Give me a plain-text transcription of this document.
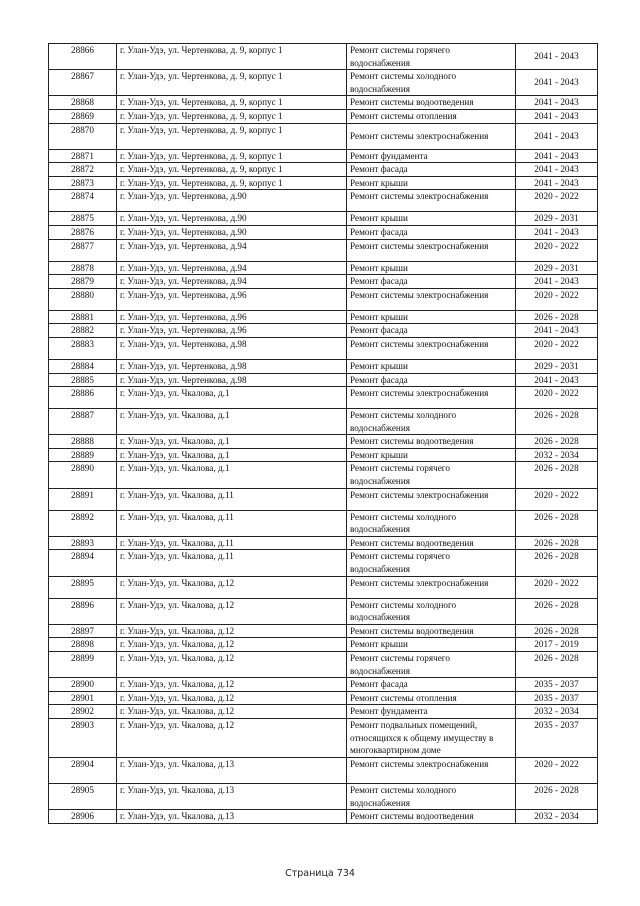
28866	г. Улан-Удэ, ул. Чертенкова, д. 9, корпус 1	Ремонт системы горячего водоснабжения	2041 - 2043
28867	г. Улан-Удэ, ул. Чертенкова, д. 9, корпус 1	Ремонт системы холодного водоснабжения	2041 - 2043
28868	г. Улан-Удэ, ул. Чертенкова, д. 9, корпус 1	Ремонт системы водоотведения	2041 - 2043
28869	г. Улан-Удэ, ул. Чертенкова, д. 9, корпус 1	Ремонт системы отопления	2041 - 2043
28870	г. Улан-Удэ, ул. Чертенкова, д. 9, корпус 1	Ремонт системы электроснабжения	2041 - 2043
28871	г. Улан-Удэ, ул. Чертенкова, д. 9, корпус 1	Ремонт фундамента	2041 - 2043
28872	г. Улан-Удэ, ул. Чертенкова, д. 9, корпус 1	Ремонт фасада	2041 - 2043
28873	г. Улан-Удэ, ул. Чертенкова, д. 9, корпус 1	Ремонт крыши	2041 - 2043
28874	г. Улан-Удэ, ул. Чертенкова, д.90	Ремонт системы электроснабжения	2020 - 2022
28875	г. Улан-Удэ, ул. Чертенкова, д.90	Ремонт крыши	2029 - 2031
28876	г. Улан-Удэ, ул. Чертенкова, д.90	Ремонт фасада	2041 - 2043
28877	г. Улан-Удэ, ул. Чертенкова, д.94	Ремонт системы электроснабжения	2020 - 2022
28878	г. Улан-Удэ, ул. Чертенкова, д.94	Ремонт крыши	2029 - 2031
28879	г. Улан-Удэ, ул. Чертенкова, д.94	Ремонт фасада	2041 - 2043
28880	г. Улан-Удэ, ул. Чертенкова, д.96	Ремонт системы электроснабжения	2020 - 2022
28881	г. Улан-Удэ, ул. Чертенкова, д.96	Ремонт крыши	2026 - 2028
28882	г. Улан-Удэ, ул. Чертенкова, д.96	Ремонт фасада	2041 - 2043
28883	г. Улан-Удэ, ул. Чертенкова, д.98	Ремонт системы электроснабжения	2020 - 2022
28884	г. Улан-Удэ, ул. Чертенкова, д.98	Ремонт крыши	2029 - 2031
28885	г. Улан-Удэ, ул. Чертенкова, д.98	Ремонт фасада	2041 - 2043
28886	г. Улан-Удэ, ул. Чкалова, д.1	Ремонт системы электроснабжения	2020 - 2022
28887	г. Улан-Удэ, ул. Чкалова, д.1	Ремонт системы холодного водоснабжения	2026 - 2028
28888	г. Улан-Удэ, ул. Чкалова, д.1	Ремонт системы водоотведения	2026 - 2028
28889	г. Улан-Удэ, ул. Чкалова, д.1	Ремонт крыши	2032 - 2034
28890	г. Улан-Удэ, ул. Чкалова, д.1	Ремонт системы горячего водоснабжения	2026 - 2028
28891	г. Улан-Удэ, ул. Чкалова, д.11	Ремонт системы электроснабжения	2020 - 2022
28892	г. Улан-Удэ, ул. Чкалова, д.11	Ремонт системы холодного водоснабжения	2026 - 2028
28893	г. Улан-Удэ, ул. Чкалова, д.11	Ремонт системы водоотведения	2026 - 2028
28894	г. Улан-Удэ, ул. Чкалова, д.11	Ремонт системы горячего водоснабжения	2026 - 2028
28895	г. Улан-Удэ, ул. Чкалова, д.12	Ремонт системы электроснабжения	2020 - 2022
28896	г. Улан-Удэ, ул. Чкалова, д.12	Ремонт системы холодного водоснабжения	2026 - 2028
28897	г. Улан-Удэ, ул. Чкалова, д.12	Ремонт системы водоотведения	2026 - 2028
28898	г. Улан-Удэ, ул. Чкалова, д.12	Ремонт крыши	2017 - 2019
28899	г. Улан-Удэ, ул. Чкалова, д.12	Ремонт системы горячего водоснабжения	2026 - 2028
28900	г. Улан-Удэ, ул. Чкалова, д.12	Ремонт фасада	2035 - 2037
28901	г. Улан-Удэ, ул. Чкалова, д.12	Ремонт системы отопления	2035 - 2037
28902	г. Улан-Удэ, ул. Чкалова, д.12	Ремонт фундамента	2032 - 2034
28903	г. Улан-Удэ, ул. Чкалова, д.12	Ремонт подвальных помещений, относящихся к общему имуществу в многоквартирном доме	2035 - 2037
28904	г. Улан-Удэ, ул. Чкалова, д.13	Ремонт системы электроснабжения	2020 - 2022
28905	г. Улан-Удэ, ул. Чкалова, д.13	Ремонт системы холодного водоснабжения	2026 - 2028
28906	г. Улан-Удэ, ул. Чкалова, д.13	Ремонт системы водоотведения	2032 - 2034
Страница 734
